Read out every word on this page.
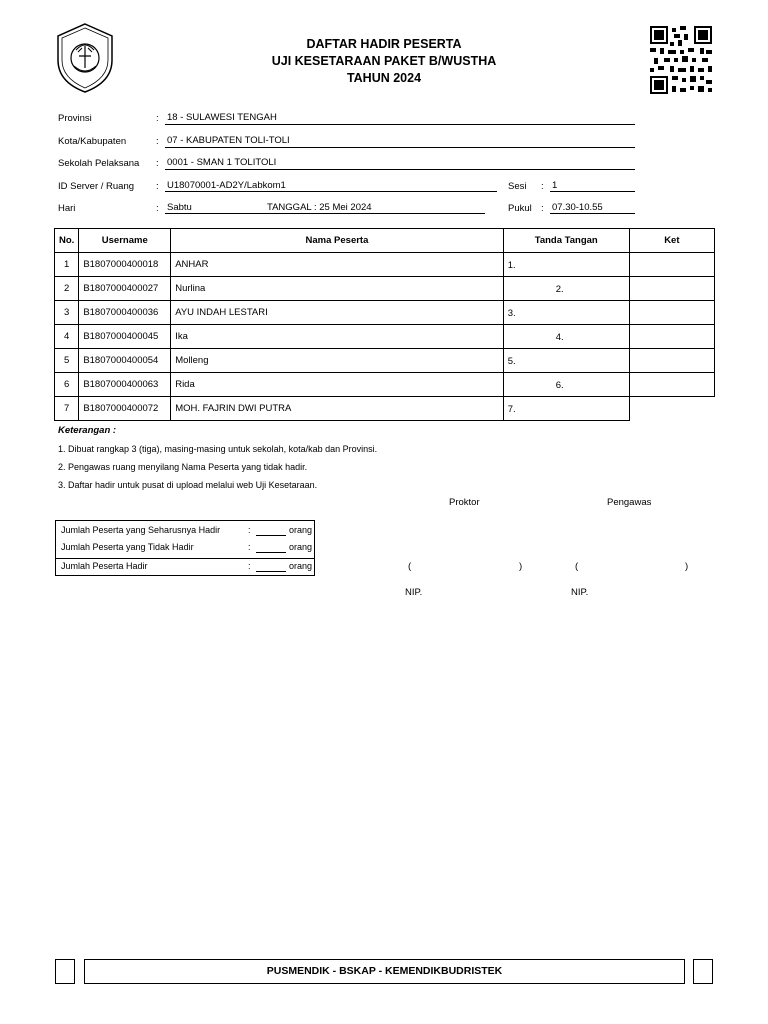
DAFTAR HADIR PESERTA
UJI KESETARAAN PAKET B/WUSTHA
TAHUN 2024
Provinsi	: 18 - SULAWESI TENGAH
Kota/Kabupaten	: 07 - KABUPATEN TOLI-TOLI
Sekolah Pelaksana : 0001 - SMAN 1 TOLITOLI
ID Server / Ruang : U18070001-AD2Y/Labkom1	Sesi : 1
Hari	: Sabtu	TANGGAL : 25 Mei 2024	Pukul : 07.30-10.55
No.	Username	Nama Peserta	Tanda Tangan	Ket
1	B1807000400018	ANHAR	1.	

2	B1807000400027	Nurlina	2.	

3	B1807000400036	AYU INDAH LESTARI	3.	

4	B1807000400045	Ika	4.	

5	B1807000400054	Molleng	5.	

6	B1807000400063	Rida	6.	

7	B1807000400072	MOH. FAJRIN DWI PUTRA	7.	

Keterangan :
1. Dibuat rangkap 3 (tiga), masing-masing untuk sekolah, kota/kab dan Provinsi.
2. Pengawas ruang menyilang Nama Peserta yang tidak hadir.
3. Daftar hadir untuk pusat di upload melalui web Uji Kesetaraan.
Proktor	Pengawas
(	)	(	)
NIP.	NIP.
Jumlah Peserta yang Seharusnya Hadir	:	orang
Jumlah Peserta yang Tidak Hadir	:	orang
Jumlah Peserta Hadir	:	orang
PUSMENDIK - BSKAP - KEMENDIKBUDRISTEK
